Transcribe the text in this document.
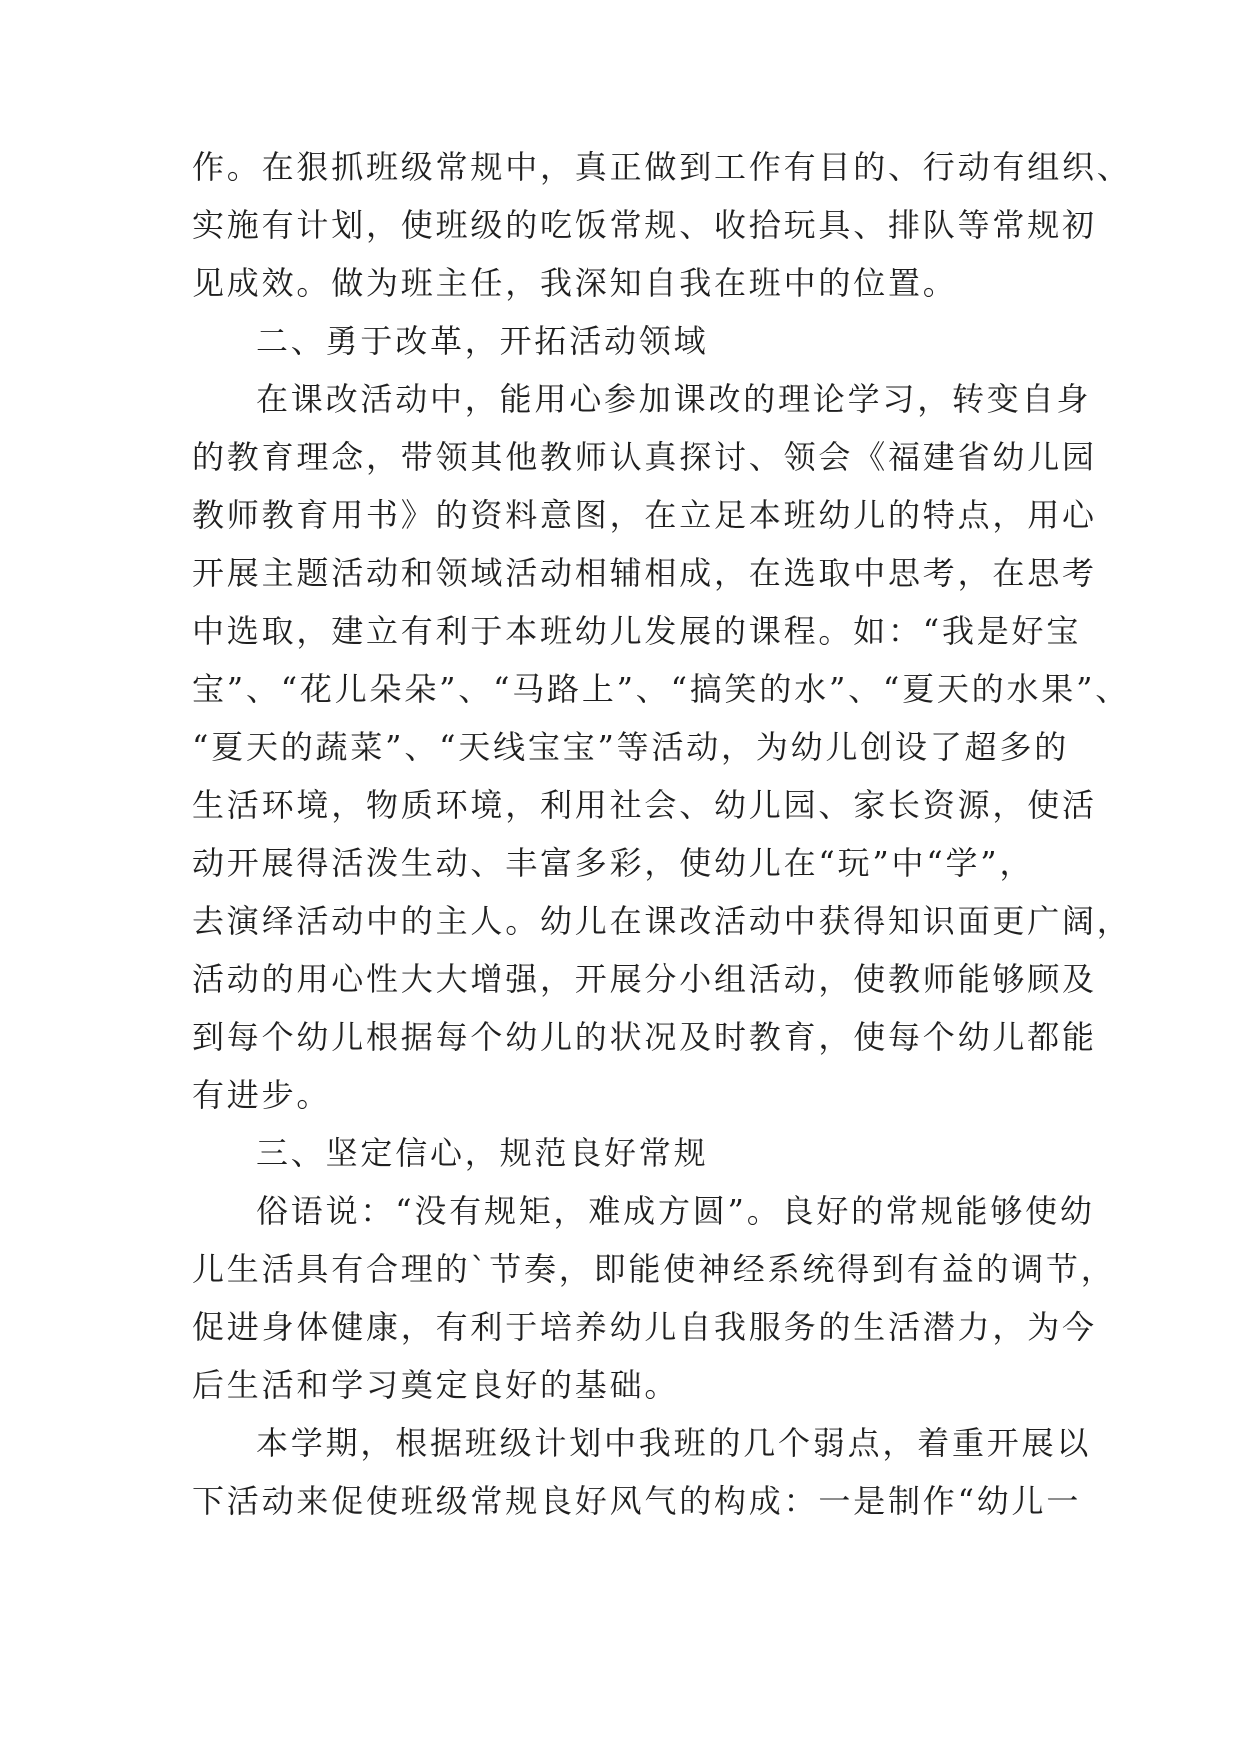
作。在狠抓班级常规中，真正做到工作有目的、行动有组织、
实施有计划，使班级的吃饭常规、收拾玩具、排队等常规初
见成效。做为班主任，我深知自我在班中的位置。
二、勇于改革，开拓活动领域
在课改活动中，能用心参加课改的理论学习，转变自身
的教育理念，带领其他教师认真探讨、领会《福建省幼儿园
教师教育用书》的资料意图，在立足本班幼儿的特点，用心
开展主题活动和领域活动相辅相成，在选取中思考，在思考
中选取，建立有利于本班幼儿发展的课程。如：“我是好宝
宝”、“花儿朵朵”、“马路上”、“搞笑的水”、“夏天的水果”、
“夏天的蔬菜”、“天线宝宝”等活动，为幼儿创设了超多的
生活环境，物质环境，利用社会、幼儿园、家长资源，使活
动开展得活泼生动、丰富多彩，使幼儿在“玩”中“学”，
去演绎活动中的主人。幼儿在课改活动中获得知识面更广阔，
活动的用心性大大增强，开展分小组活动，使教师能够顾及
到每个幼儿根据每个幼儿的状况及时教育，使每个幼儿都能
有进步。
三、坚定信心，规范良好常规
俗语说：“没有规矩，难成方圆”。良好的常规能够使幼
儿生活具有合理的`节奏，即能使神经系统得到有益的调节，
促进身体健康，有利于培养幼儿自我服务的生活潜力，为今
后生活和学习奠定良好的基础。
本学期，根据班级计划中我班的几个弱点，着重开展以
下活动来促使班级常规良好风气的构成：一是制作“幼儿一
